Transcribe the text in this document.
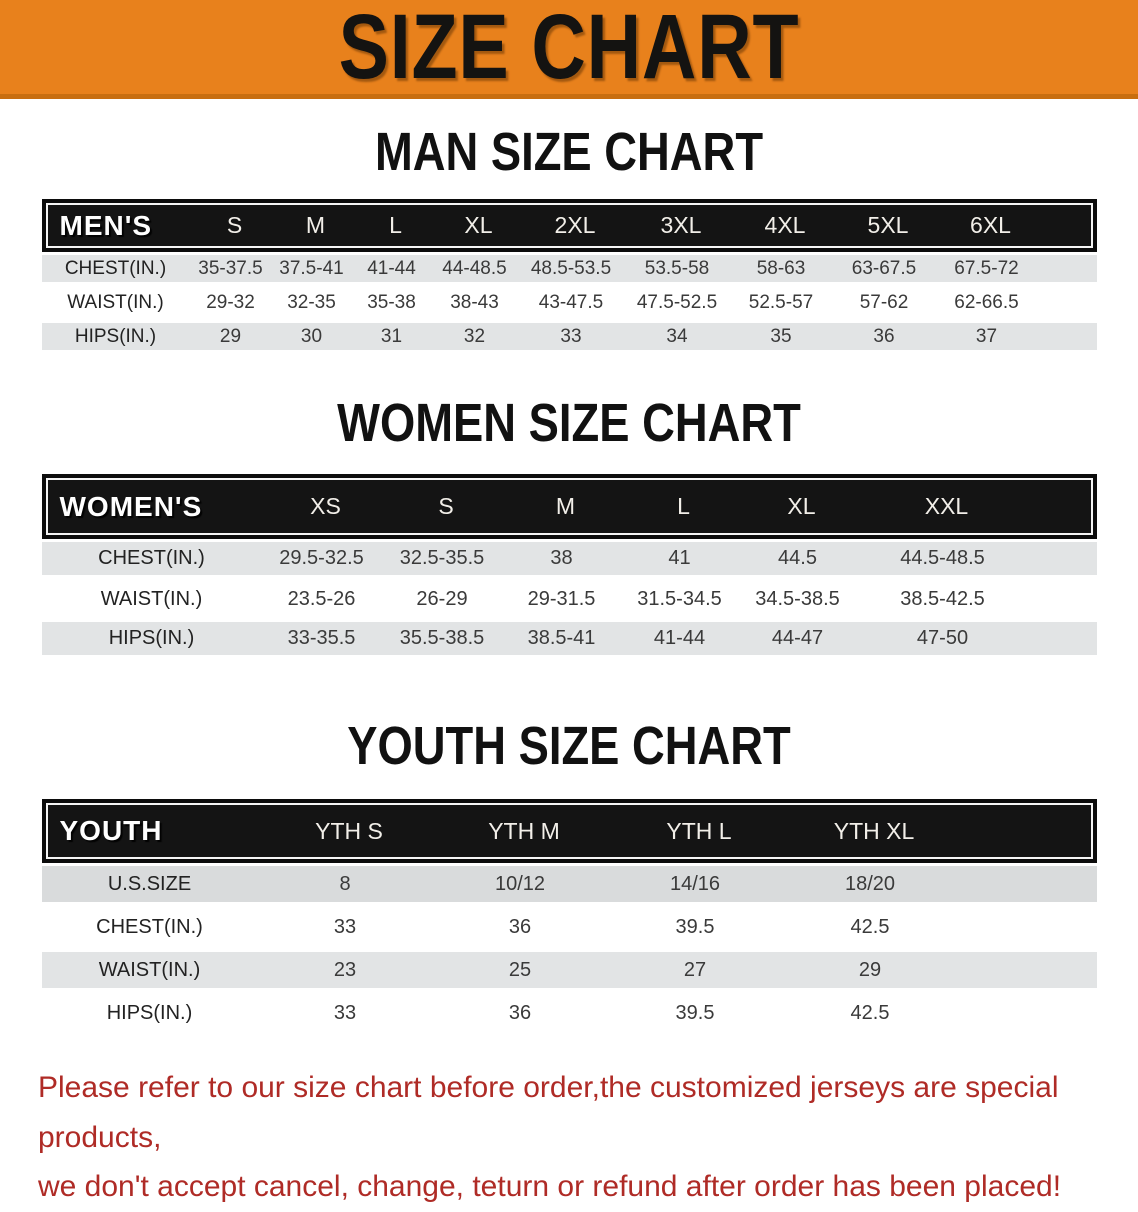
SIZE CHART
MAN SIZE CHART
MEN'S	S	M	L	XL	2XL	3XL	4XL	5XL	6XL
CHEST(IN.)	35-37.5 37.5-41	41-44	44-48.5	48.5-53.5	53.5-58	58-63	63-67.5	67.5-72
WAIST(IN.)	29-32	32-35	35-38	38-43	43-47.5	47.5-52.5	52.5-57	57-62	62-66.5
HIPS(IN.)	29	30	31	32	33	34	35	36	37
WOMEN SIZE CHART
WOMEN'S	XS	S	M	L	XL	XXL
CHEST(IN.)	29.5-32.5	32.5-35.5	38	41	44.5	44.5-48.5
WAIST(IN.)	23.5-26	26-29	29-31.5	31.5-34.5	34.5-38.5	38.5-42.5
HIPS(IN.)	33-35.5	35.5-38.5	38.5-41	41-44	44-47	47-50
YOUTH SIZE CHART
YOUTH	YTH S	YTH M	YTH L	YTH XL
U.S.SIZE	8	10/12	14/16	18/20
CHEST(IN.)	33	36	39.5	42.5
WAIST(IN.)	23	25	27	29
HIPS(IN.)	33	36	39.5	42.5

Please refer to our size chart before order,the customized jerseys are special products,

we don't accept cancel, change, teturn or refund after order has been placed!
